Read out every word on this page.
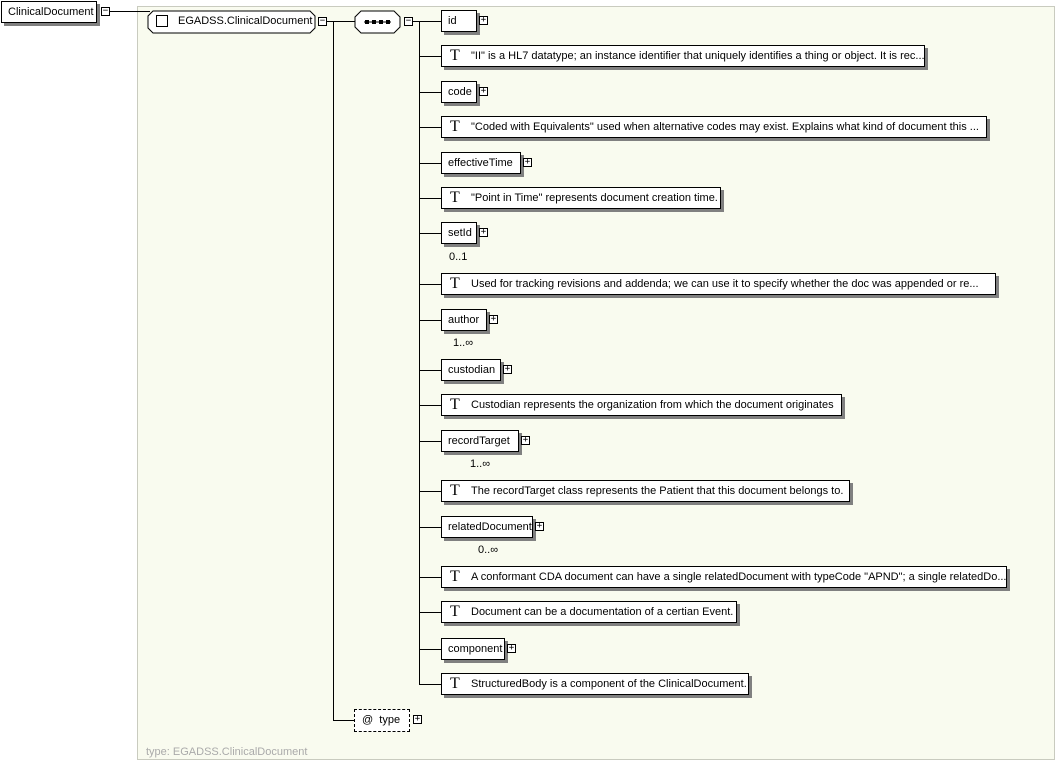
ClinicalDocument	−
EGADSS.ClinicalDocument −	−	id	+
T "II" is a HL7 datatype; an instance identifier that uniquely identifies a thing or object. It is rec...
code +
T "Coded with Equivalents" used when alternative codes may exist. Explains what kind of document this ...
effectiveTime	+
T "Point in Time" represents document creation time.
setId +
0..1
T Used for tracking revisions and addenda; we can use it to specify whether the doc was appended or re...
author	+
1..∞
custodian	+
T Custodian represents the organization from which the document originates
recordTarget	+
1..∞
T The recordTarget class represents the Patient that this document belongs to.
relatedDocument +
0..∞
T A conformant CDA document can have a single relatedDocument with typeCode "APND"; a single relatedDo...
T Document can be a documentation of a certian Event.
component +
T StructuredBody is a component of the ClinicalDocument.
@ type	+
type: EGADSS.ClinicalDocument
